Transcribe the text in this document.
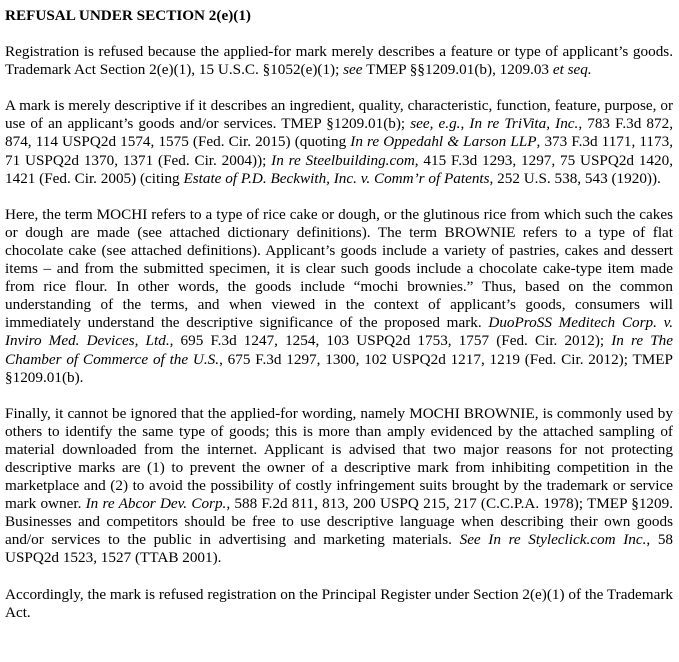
REFUSAL UNDER SECTION 2(e)(1)

Registration is refused because the applied-for mark merely describes a feature or type of applicant’s goods. Trademark Act Section 2(e)(1), 15 U.S.C. §1052(e)(1); see TMEP §§1209.01(b), 1209.03 et seq.

A mark is merely descriptive if it describes an ingredient, quality, characteristic, function, feature, purpose, or use of an applicant’s goods and/or services. TMEP §1209.01(b); see, e.g., In re TriVita, Inc., 783 F.3d 872, 874, 114 USPQ2d 1574, 1575 (Fed. Cir. 2015) (quoting In re Oppedahl & Larson LLP, 373 F.3d 1171, 1173, 71 USPQ2d 1370, 1371 (Fed. Cir. 2004)); In re Steelbuilding.com, 415 F.3d 1293, 1297, 75 USPQ2d 1420, 1421 (Fed. Cir. 2005) (citing Estate of P.D. Beckwith, Inc. v. Comm’r of Patents, 252 U.S. 538, 543 (1920)).

Here, the term MOCHI refers to a type of rice cake or dough, or the glutinous rice from which such the cakes or dough are made (see attached dictionary definitions). The term BROWNIE refers to a type of flat chocolate cake (see attached definitions). Applicant’s goods include a variety of pastries, cakes and dessert items – and from the submitted specimen, it is clear such goods include a chocolate cake-type item made from rice flour. In other words, the goods include “mochi brownies.” Thus, based on the common understanding of the terms, and when viewed in the context of applicant’s goods, consumers will immediately understand the descriptive significance of the proposed mark. DuoProSS Meditech Corp. v. Inviro Med. Devices, Ltd., 695 F.3d 1247, 1254, 103 USPQ2d 1753, 1757 (Fed. Cir. 2012); In re The Chamber of Commerce of the U.S., 675 F.3d 1297, 1300, 102 USPQ2d 1217, 1219 (Fed. Cir. 2012); TMEP §1209.01(b).

Finally, it cannot be ignored that the applied-for wording, namely MOCHI BROWNIE, is commonly used by others to identify the same type of goods; this is more than amply evidenced by the attached sampling of material downloaded from the internet. Applicant is advised that two major reasons for not protecting descriptive marks are (1) to prevent the owner of a descriptive mark from inhibiting competition in the marketplace and (2) to avoid the possibility of costly infringement suits brought by the trademark or service mark owner. In re Abcor Dev. Corp., 588 F.2d 811, 813, 200 USPQ 215, 217 (C.C.P.A. 1978); TMEP §1209. Businesses and competitors should be free to use descriptive language when describing their own goods and/or services to the public in advertising and marketing materials. See In re Styleclick.com Inc., 58 USPQ2d 1523, 1527 (TTAB 2001).

Accordingly, the mark is refused registration on the Principal Register under Section 2(e)(1) of the Trademark Act.
